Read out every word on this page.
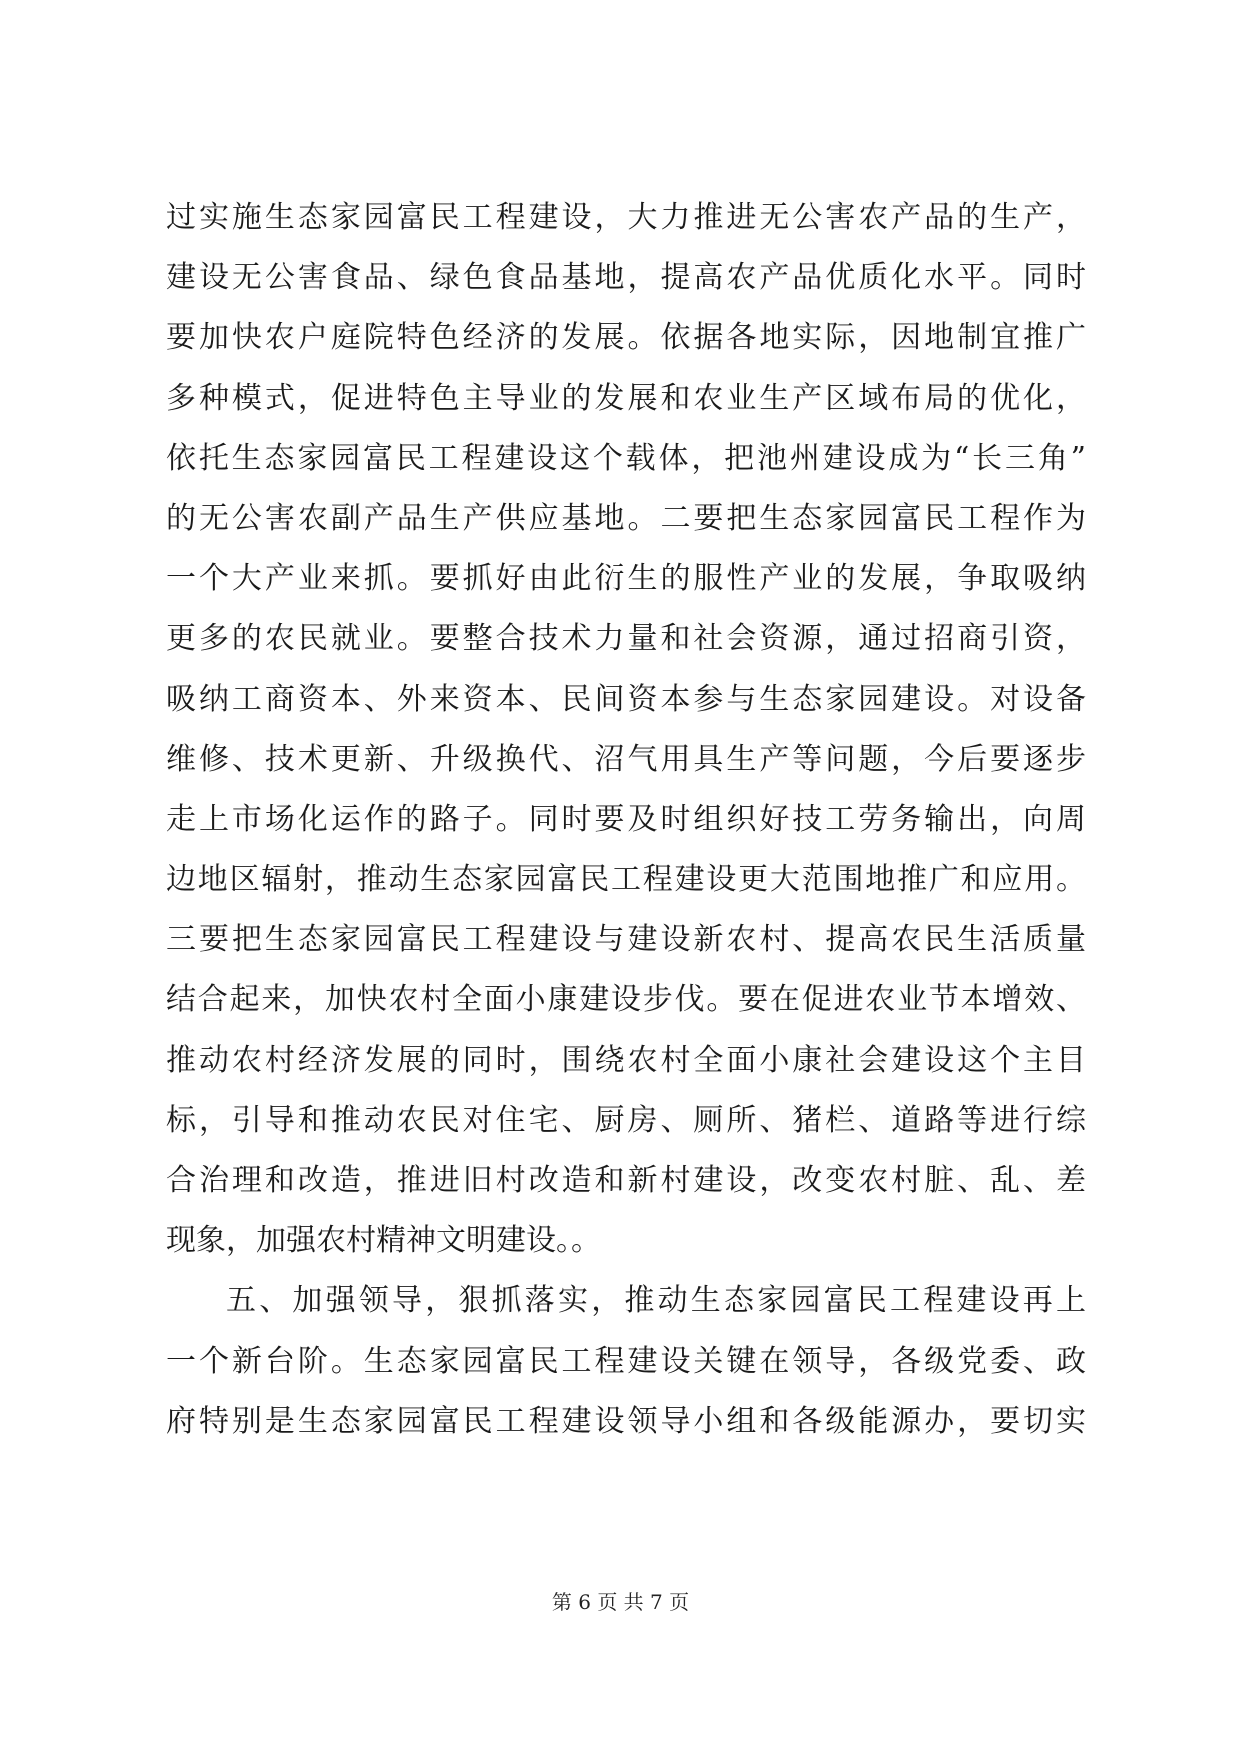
过实施生态家园富民工程建设，大力推进无公害农产品的生产，
建设无公害食品、绿色食品基地，提高农产品优质化水平。同时
要加快农户庭院特色经济的发展。依据各地实际，因地制宜推广
多种模式，促进特色主导业的发展和农业生产区域布局的优化，
依托生态家园富民工程建设这个载体，把池州建设成为“长三角”
的无公害农副产品生产供应基地。二要把生态家园富民工程作为
一个大产业来抓。要抓好由此衍生的服性产业的发展，争取吸纳
更多的农民就业。要整合技术力量和社会资源，通过招商引资，
吸纳工商资本、外来资本、民间资本参与生态家园建设。对设备
维修、技术更新、升级换代、沼气用具生产等问题，今后要逐步
走上市场化运作的路子。同时要及时组织好技工劳务输出，向周
边地区辐射，推动生态家园富民工程建设更大范围地推广和应用。
三要把生态家园富民工程建设与建设新农村、提高农民生活质量
结合起来，加快农村全面小康建设步伐。要在促进农业节本增效、
推动农村经济发展的同时，围绕农村全面小康社会建设这个主目
标，引导和推动农民对住宅、厨房、厕所、猪栏、道路等进行综
合治理和改造，推进旧村改造和新村建设，改变农村脏、乱、差
现象，加强农村精神文明建设。。
五、加强领导，狠抓落实，推动生态家园富民工程建设再上
一个新台阶。生态家园富民工程建设关键在领导，各级党委、政
府特别是生态家园富民工程建设领导小组和各级能源办，要切实
第 6 页 共 7 页
